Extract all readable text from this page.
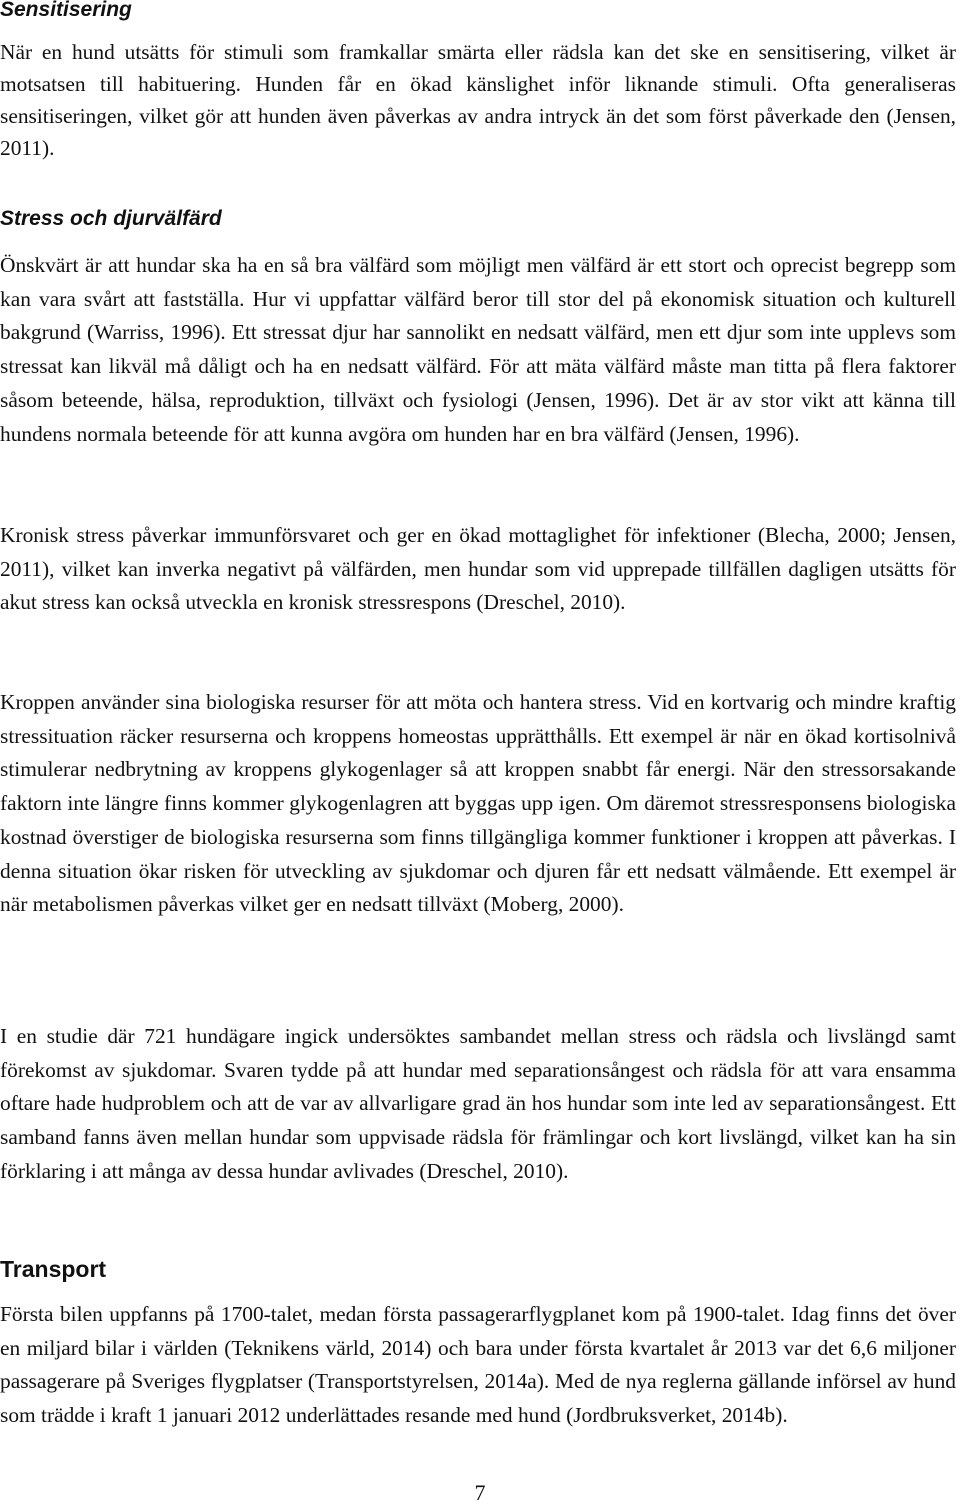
Sensitisering

När en hund utsätts för stimuli som framkallar smärta eller rädsla kan det ske en sensitisering, vilket är motsatsen till habituering. Hunden får en ökad känslighet inför liknande stimuli. Ofta generaliseras sensitiseringen, vilket gör att hunden även påverkas av andra intryck än det som först påverkade den (Jensen, 2011).

Stress och djurvälfärd

Önskvärt är att hundar ska ha en så bra välfärd som möjligt men välfärd är ett stort och oprecist begrepp som kan vara svårt att fastställa. Hur vi uppfattar välfärd beror till stor del på ekonomisk situation och kulturell bakgrund (Warriss, 1996). Ett stressat djur har sannolikt en nedsatt välfärd, men ett djur som inte upplevs som stressat kan likväl må dåligt och ha en nedsatt välfärd. För att mäta välfärd måste man titta på flera faktorer såsom beteende, hälsa, reproduktion, tillväxt och fysiologi (Jensen, 1996). Det är av stor vikt att känna till hundens normala beteende för att kunna avgöra om hunden har en bra välfärd (Jensen, 1996).

Kronisk stress påverkar immunförsvaret och ger en ökad mottaglighet för infektioner (Blecha, 2000; Jensen, 2011), vilket kan inverka negativt på välfärden, men hundar som vid upprepade tillfällen dagligen utsätts för akut stress kan också utveckla en kronisk stressrespons (Dreschel, 2010).

Kroppen använder sina biologiska resurser för att möta och hantera stress. Vid en kortvarig och mindre kraftig stressituation räcker resurserna och kroppens homeostas upprätthålls. Ett exempel är när en ökad kortisolnivå stimulerar nedbrytning av kroppens glykogenlager så att kroppen snabbt får energi. När den stressorsakande faktorn inte längre finns kommer glykogenlagren att byggas upp igen. Om däremot stressresponsens biologiska kostnad överstiger de biologiska resurserna som finns tillgängliga kommer funktioner i kroppen att påverkas. I denna situation ökar risken för utveckling av sjukdomar och djuren får ett nedsatt välmående. Ett exempel är när metabolismen påverkas vilket ger en nedsatt tillväxt (Moberg, 2000).

I en studie där 721 hundägare ingick undersöktes sambandet mellan stress och rädsla och livslängd samt förekomst av sjukdomar. Svaren tydde på att hundar med separationsångest och rädsla för att vara ensamma oftare hade hudproblem och att de var av allvarligare grad än hos hundar som inte led av separationsångest. Ett samband fanns även mellan hundar som uppvisade rädsla för främlingar och kort livslängd, vilket kan ha sin förklaring i att många av dessa hundar avlivades (Dreschel, 2010).

Transport

Första bilen uppfanns på 1700-talet, medan första passagerarflygplanet kom på 1900-talet. Idag finns det över en miljard bilar i världen (Teknikens värld, 2014) och bara under första kvartalet år 2013 var det 6,6 miljoner passagerare på Sveriges flygplatser (Transportstyrelsen, 2014a). Med de nya reglerna gällande införsel av hund som trädde i kraft 1 januari 2012 underlättades resande med hund (Jordbruksverket, 2014b).

7
